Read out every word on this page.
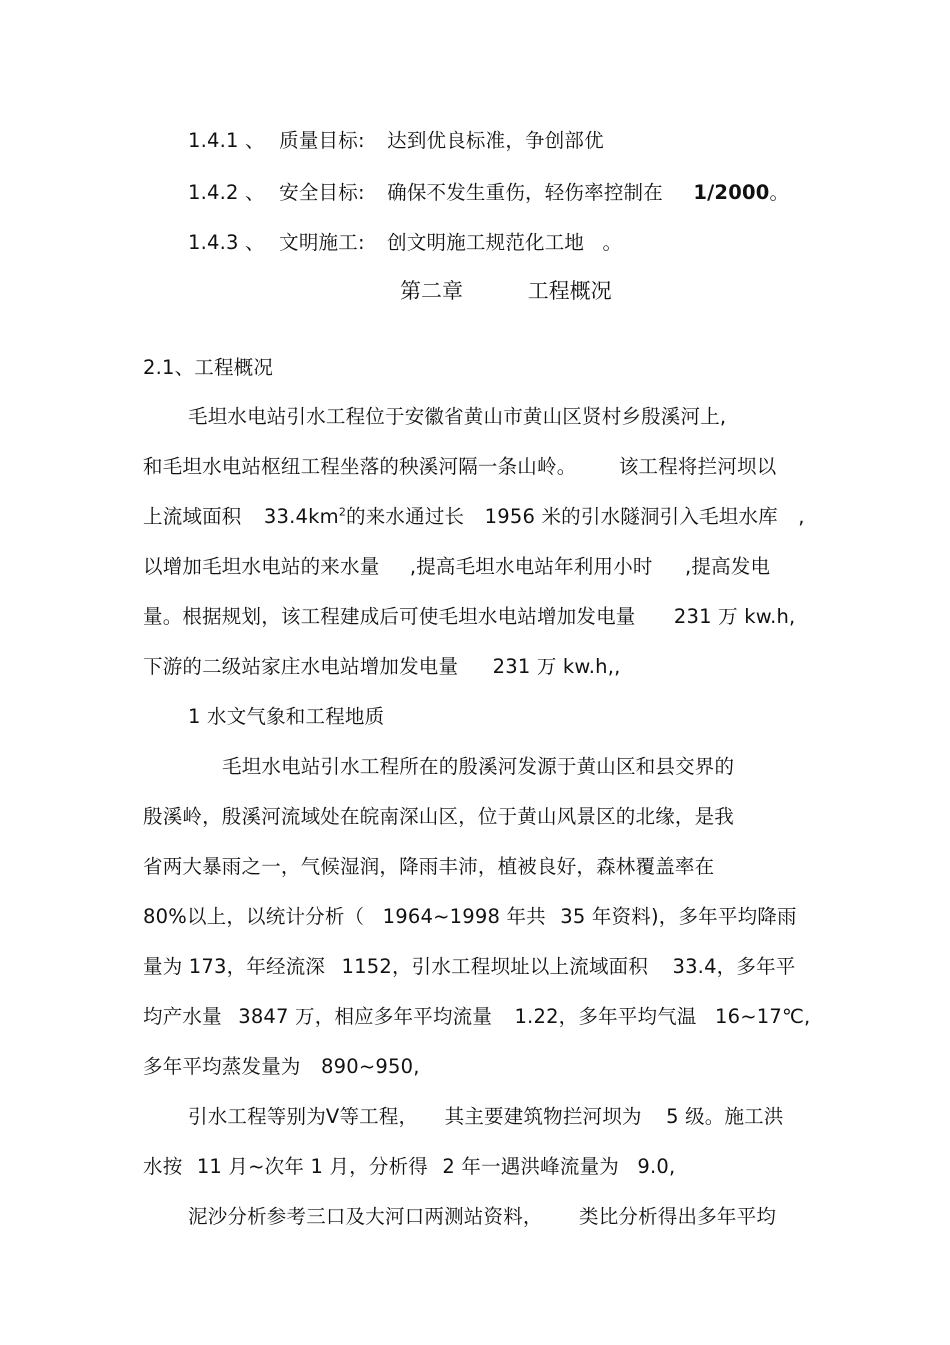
1.4.1 、 质量目标: 达到优良标准，争创部优
1.4.2 、 安全目标: 确保不发生重伤，轻伤率控制在 1/2000。
1.4.3 、 文明施工: 创文明施工规范化工地 。
第二章	工程概况
2.1、工程概况
毛坦水电站引水工程位于安徽省黄山市黄山区贤村乡殷溪河上,
和毛坦水电站枢纽工程坐落的秧溪河隔一条山岭。 该工程将拦河坝以
上流域面积 $33.4km^2$的来水通过长 1956 米的引水隧洞引入毛坦水库 ,
以增加毛坦水电站的来水量 ,提高毛坦水电站年利用小时 ,提高发电
量。根据规划，该工程建成后可使毛坦水电站增加发电量 231 万 kw.h,
下游的二级站家庄水电站增加发电量 231 万 kw.h,,
1 水文气象和工程地质
毛坦水电站引水工程所在的殷溪河发源于黄山区和县交界的
殷溪岭，殷溪河流域处在皖南深山区，位于黄山风景区的北缘，是我
省两大暴雨之一，气候湿润，降雨丰沛，植被良好，森林覆盖率在
80%以上，以统计分析（ 1964~1998 年共 35 年资料)，多年平均降雨
量为 173，年经流深 1152，引水工程坝址以上流域面积 33.4，多年平
均产水量 3847 万，相应多年平均流量 1.22，多年平均气温 16~17℃,
多年平均蒸发量为 890~950,
引水工程等别为Ⅴ等工程， 其主要建筑物拦河坝为 5 级。施工洪
水按 11 月~次年 1 月，分析得 2 年一遇洪峰流量为 9.0,
泥沙分析参考三口及大河口两测站资料， 类比分析得出多年平均
